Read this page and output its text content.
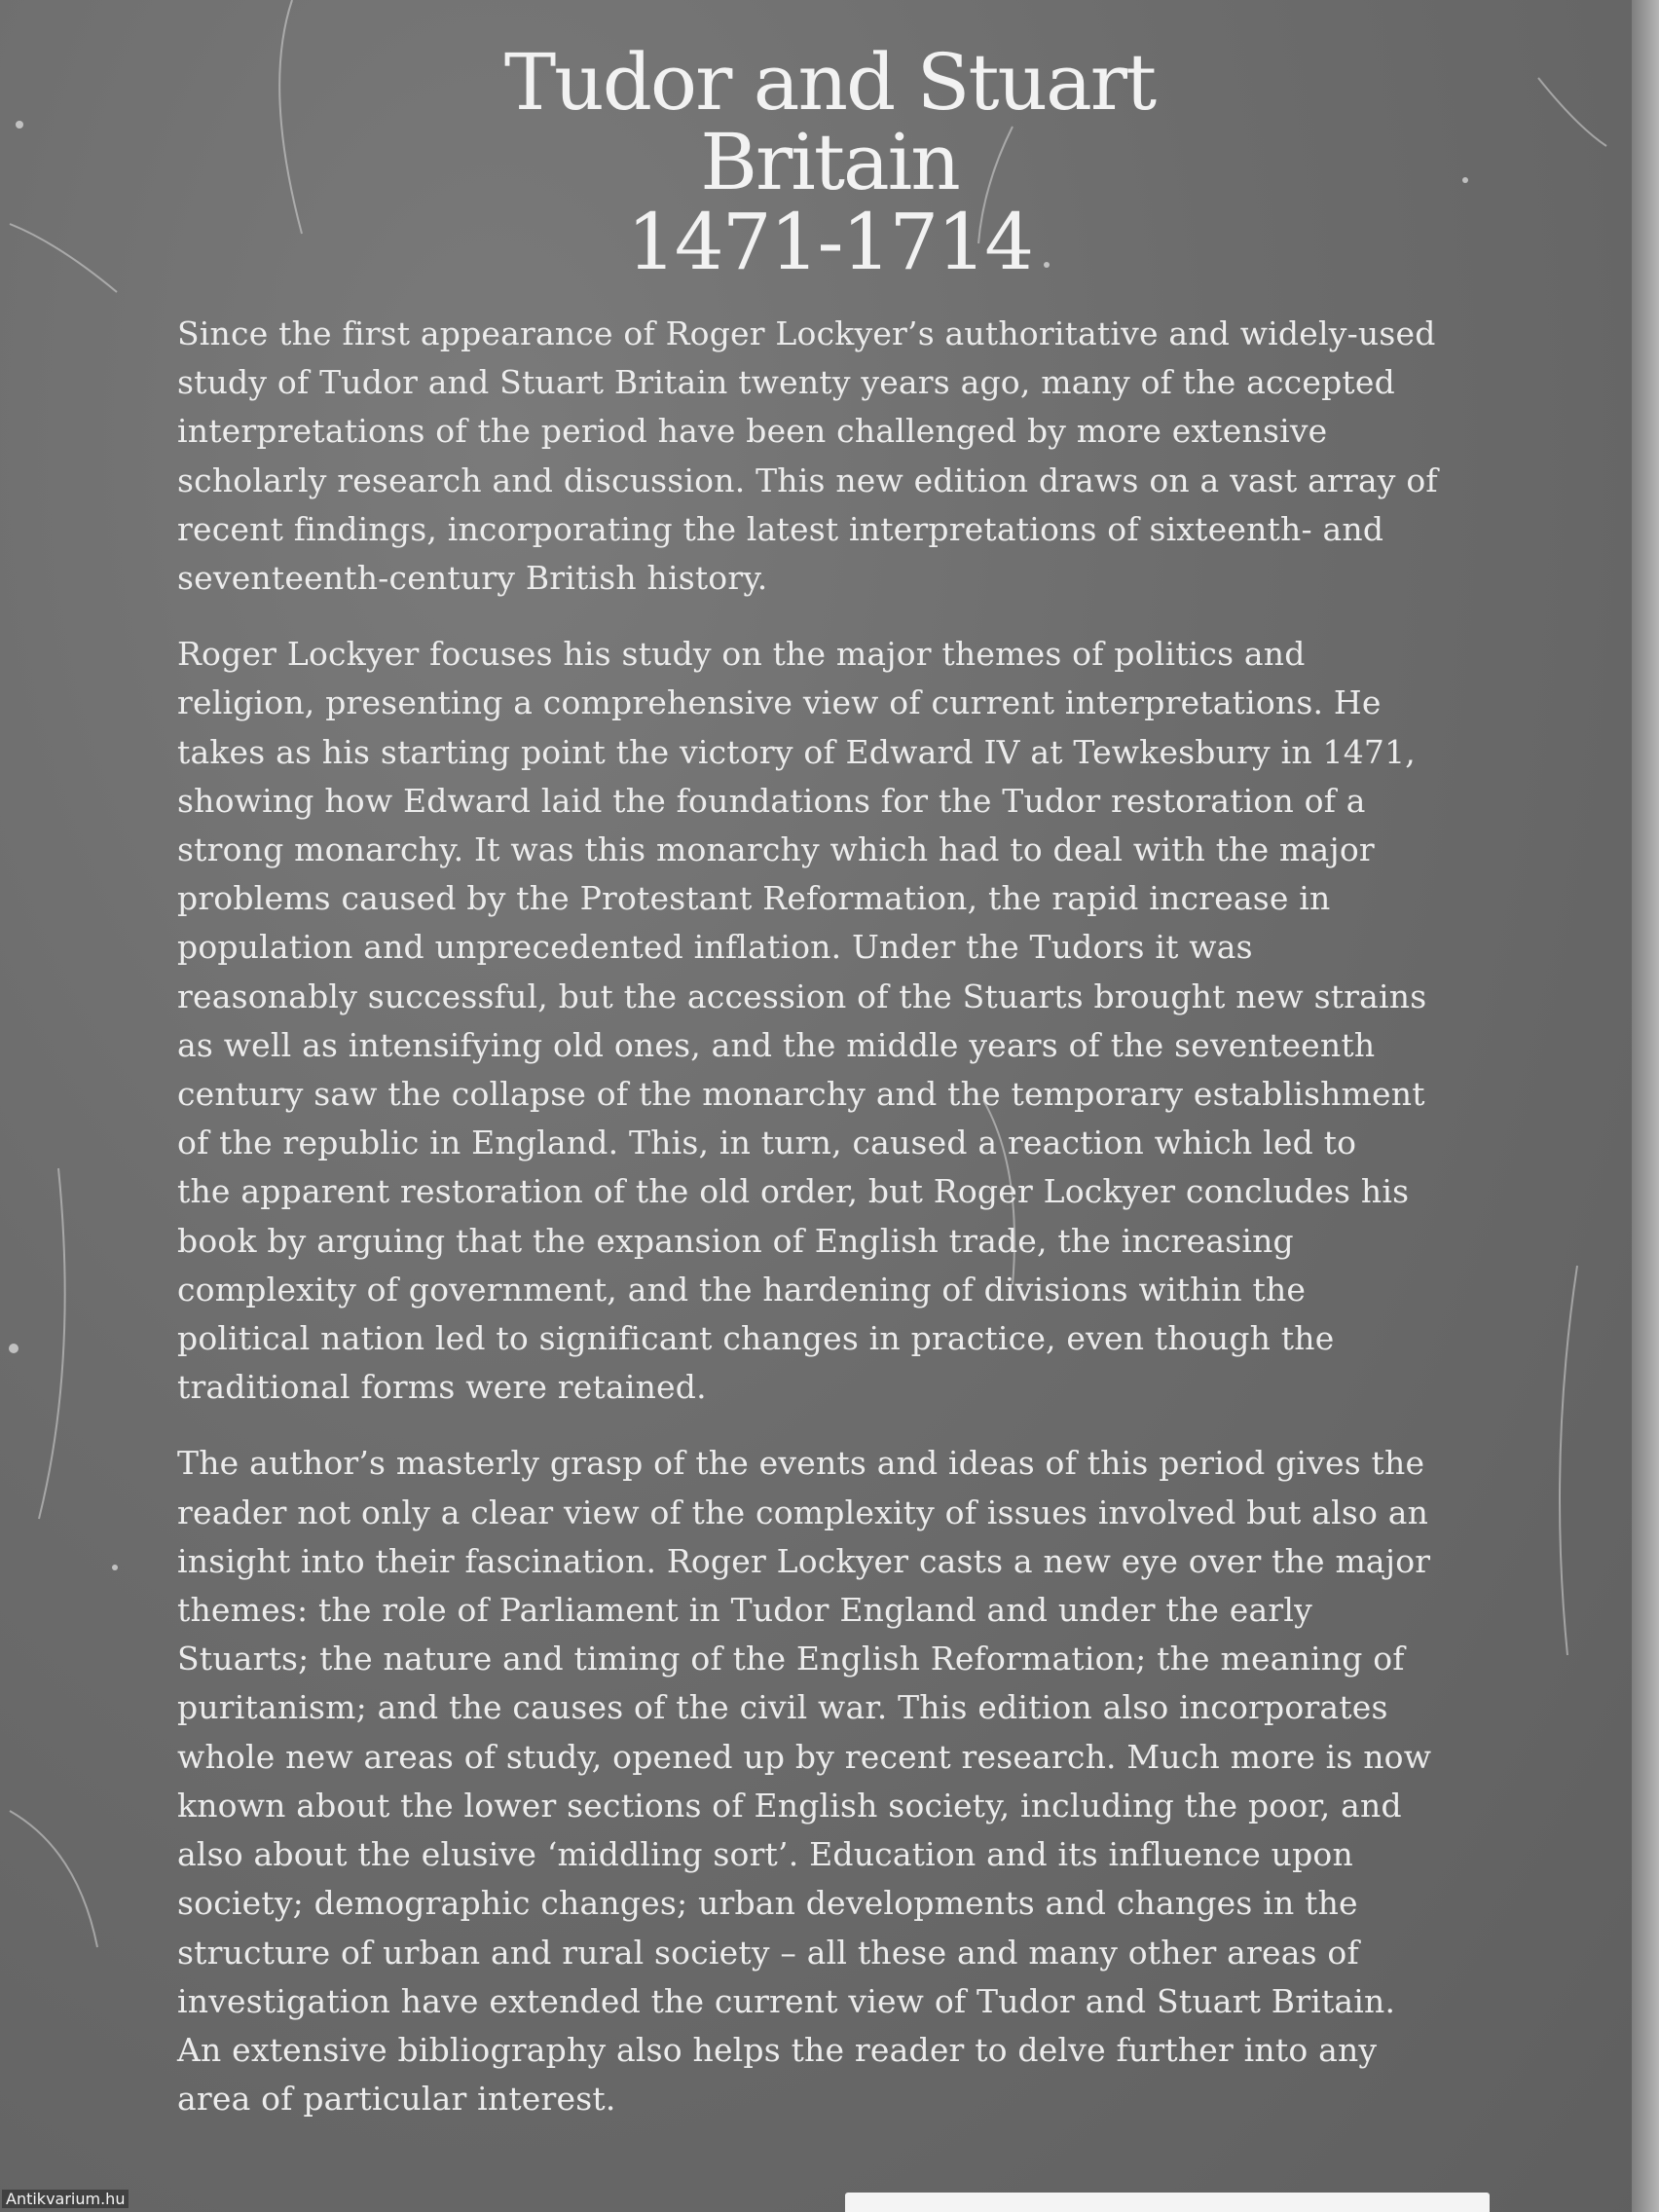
Tudor and Stuart
Britain
1471-1714

Since the first appearance of Roger Lockyer’s authoritative and widely-used
study of Tudor and Stuart Britain twenty years ago, many of the accepted
interpretations of the period have been challenged by more extensive
scholarly research and discussion. This new edition draws on a vast array of
recent findings, incorporating the latest interpretations of sixteenth- and
seventeenth-century British history.

Roger Lockyer focuses his study on the major themes of politics and
religion, presenting a comprehensive view of current interpretations. He
takes as his starting point the victory of Edward IV at Tewkesbury in 1471,
showing how Edward laid the foundations for the Tudor restoration of a
strong monarchy. It was this monarchy which had to deal with the major
problems caused by the Protestant Reformation, the rapid increase in
population and unprecedented inflation. Under the Tudors it was
reasonably successful, but the accession of the Stuarts brought new strains
as well as intensifying old ones, and the middle years of the seventeenth
century saw the collapse of the monarchy and the temporary establishment
of the republic in England. This, in turn, caused a reaction which led to
the apparent restoration of the old order, but Roger Lockyer concludes his
book by arguing that the expansion of English trade, the increasing
complexity of government, and the hardening of divisions within the
political nation led to significant changes in practice, even though the
traditional forms were retained.

The author’s masterly grasp of the events and ideas of this period gives the
reader not only a clear view of the complexity of issues involved but also an
insight into their fascination. Roger Lockyer casts a new eye over the major
themes: the role of Parliament in Tudor England and under the early
Stuarts; the nature and timing of the English Reformation; the meaning of
puritanism; and the causes of the civil war. This edition also incorporates
whole new areas of study, opened up by recent research. Much more is now
known about the lower sections of English society, including the poor, and
also about the elusive ‘middling sort’. Education and its influence upon
society; demographic changes; urban developments and changes in the
structure of urban and rural society – all these and many other areas of
investigation have extended the current view of Tudor and Stuart Britain.
An extensive bibliography also helps the reader to delve further into any
area of particular interest.

Antikvarium.hu
